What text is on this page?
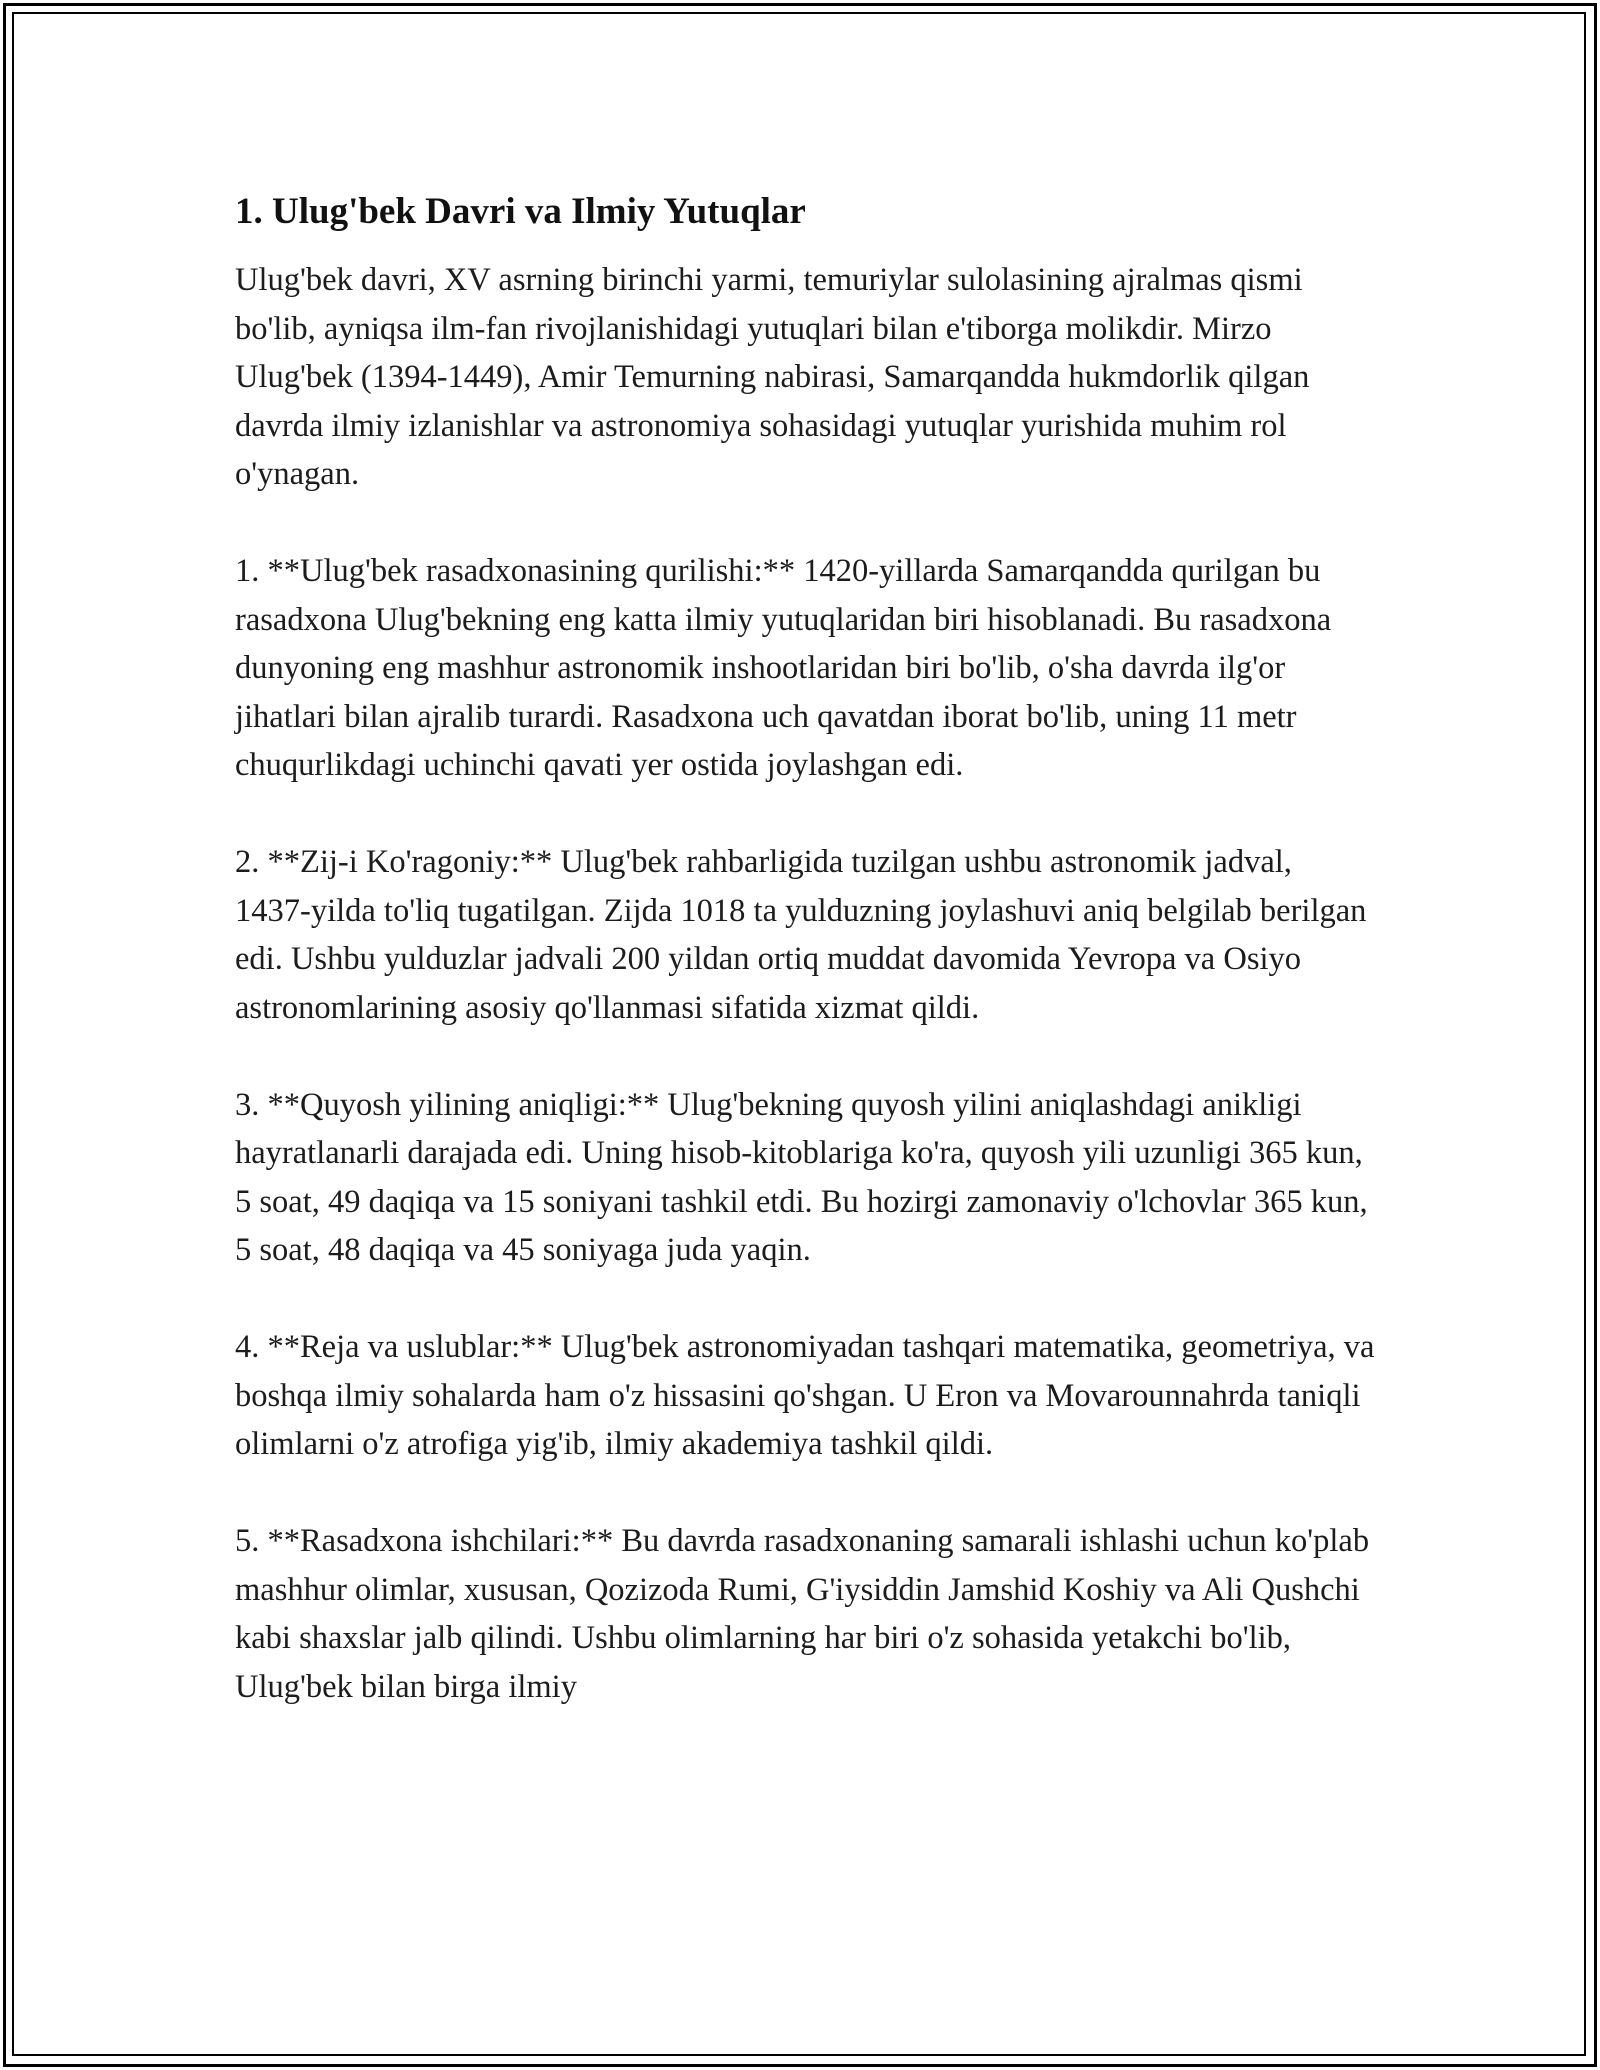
1. Ulug'bek Davri va Ilmiy Yutuqlar

Ulug'bek davri, XV asrning birinchi yarmi, temuriylar sulolasining ajralmas qismi bo'lib, ayniqsa ilm-fan rivojlanishidagi yutuqlari bilan e'tiborga molikdir. Mirzo Ulug'bek (1394-1449), Amir Temurning nabirasi, Samarqandda hukmdorlik qilgan davrda ilmiy izlanishlar va astronomiya sohasidagi yutuqlar yurishida muhim rol o'ynagan.

1. **Ulug'bek rasadxonasining qurilishi:** 1420-yillarda Samarqandda qurilgan bu rasadxona Ulug'bekning eng katta ilmiy yutuqlaridan biri hisoblanadi. Bu rasadxona dunyoning eng mashhur astronomik inshootlaridan biri bo'lib, o'sha davrda ilg'or jihatlari bilan ajralib turardi. Rasadxona uch qavatdan iborat bo'lib, uning 11 metr chuqurlikdagi uchinchi qavati yer ostida joylashgan edi.

2. **Zij-i Ko'ragoniy:** Ulug'bek rahbarligida tuzilgan ushbu astronomik jadval, 1437-yilda to'liq tugatilgan. Zijda 1018 ta yulduzning joylashuvi aniq belgilab berilgan edi. Ushbu yulduzlar jadvali 200 yildan ortiq muddat davomida Yevropa va Osiyo astronomlarining asosiy qo'llanmasi sifatida xizmat qildi.

3. **Quyosh yilining aniqligi:** Ulug'bekning quyosh yilini aniqlashdagi anikligi hayratlanarli darajada edi. Uning hisob-kitoblariga ko'ra, quyosh yili uzunligi 365 kun, 5 soat, 49 daqiqa va 15 soniyani tashkil etdi. Bu hozirgi zamonaviy o'lchovlar 365 kun, 5 soat, 48 daqiqa va 45 soniyaga juda yaqin.

4. **Reja va uslublar:** Ulug'bek astronomiyadan tashqari matematika, geometriya, va boshqa ilmiy sohalarda ham o'z hissasini qo'shgan. U Eron va Movarounnahrda taniqli olimlarni o'z atrofiga yig'ib, ilmiy akademiya tashkil qildi.

5. **Rasadxona ishchilari:** Bu davrda rasadxonaning samarali ishlashi uchun ko'plab mashhur olimlar, xususan, Qozizoda Rumi, G'iysiddin Jamshid Koshiy va Ali Qushchi kabi shaxslar jalb qilindi. Ushbu olimlarning har biri o'z sohasida yetakchi bo'lib, Ulug'bek bilan birga ilmiy
